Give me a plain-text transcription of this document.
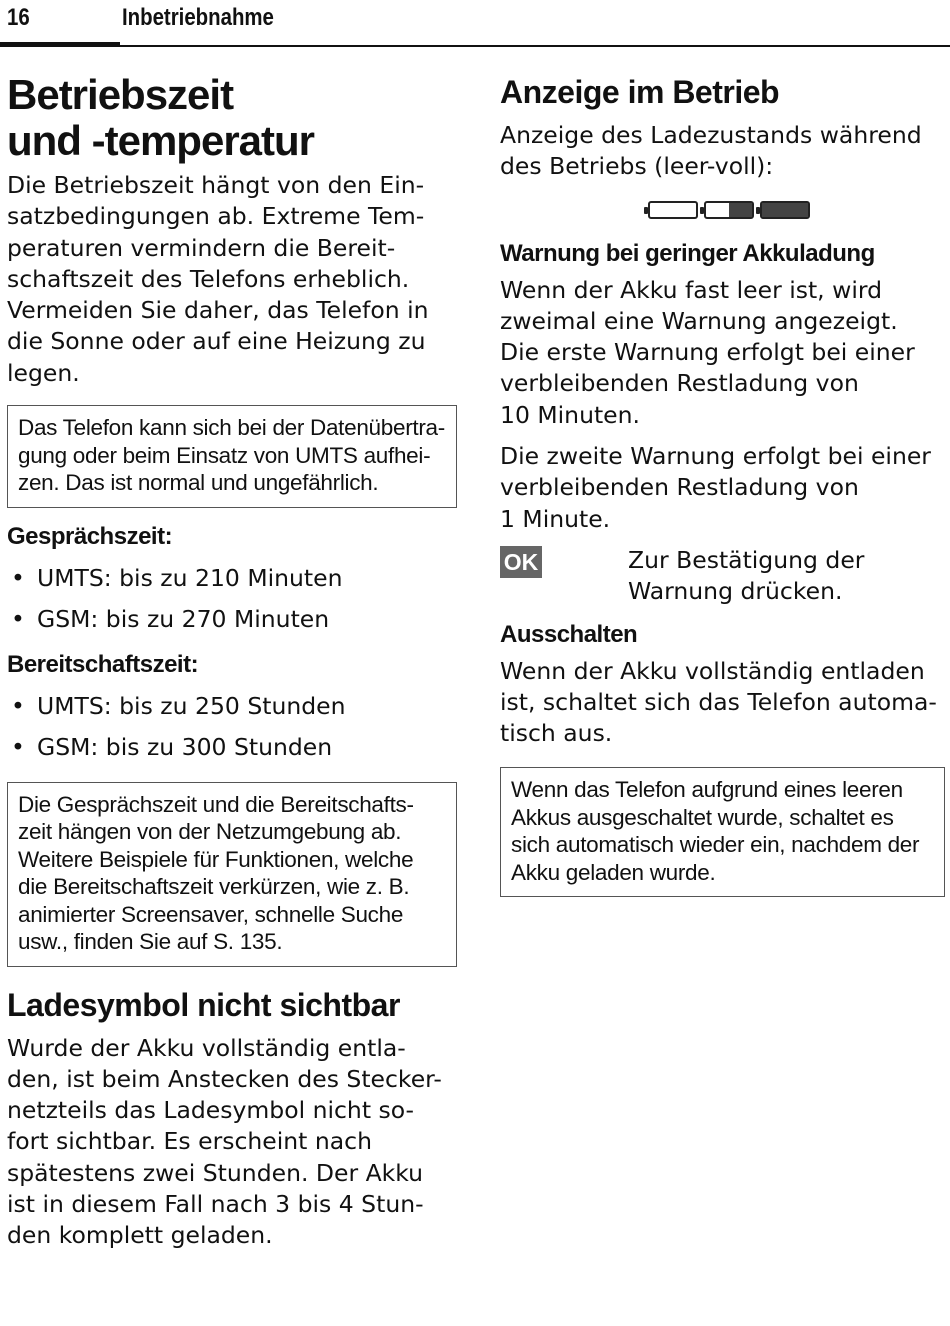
16	Inbetriebnahme
Betriebszeit
und -temperatur

Die Betriebszeit hängt von den Ein-
satzbedingungen ab. Extreme Tem-
peraturen vermindern die Bereit-
schaftszeit des Telefons erheblich.
Vermeiden Sie daher, das Telefon in
die Sonne oder auf eine Heizung zu
legen.

Das Telefon kann sich bei der Datenübertra-
gung oder beim Einsatz von UMTS aufhei-
zen. Das ist normal und ungefährlich.

Gesprächszeit:
• UMTS: bis zu 210 Minuten
• GSM: bis zu 270 Minuten
Bereitschaftszeit:
• UMTS: bis zu 250 Stunden
• GSM: bis zu 300 Stunden

Die Gesprächszeit und die Bereitschafts-
zeit hängen von der Netzumgebung ab.
Weitere Beispiele für Funktionen, welche
die Bereitschaftszeit verkürzen, wie z. B.
animierter Screensaver, schnelle Suche
usw., finden Sie auf S. 135.

Ladesymbol nicht sichtbar

Wurde der Akku vollständig entla-
den, ist beim Anstecken des Stecker-
netzteils das Ladesymbol nicht so-
fort sichtbar. Es erscheint nach
spätestens zwei Stunden. Der Akku
ist in diesem Fall nach 3 bis 4 Stun-
den komplett geladen.

Anzeige im Betrieb

Anzeige des Ladezustands während
des Betriebs (leer-voll):

Warnung bei geringer Akkuladung

Wenn der Akku fast leer ist, wird
zweimal eine Warnung angezeigt.
Die erste Warnung erfolgt bei einer
verbleibenden Restladung von
10 Minuten.

Die zweite Warnung erfolgt bei einer
verbleibenden Restladung von
1 Minute.

OK	Zur Bestätigung der
Warnung drücken.
Ausschalten

Wenn der Akku vollständig entladen
ist, schaltet sich das Telefon automa-
tisch aus.

Wenn das Telefon aufgrund eines leeren
Akkus ausgeschaltet wurde, schaltet es
sich automatisch wieder ein, nachdem der
Akku geladen wurde.
